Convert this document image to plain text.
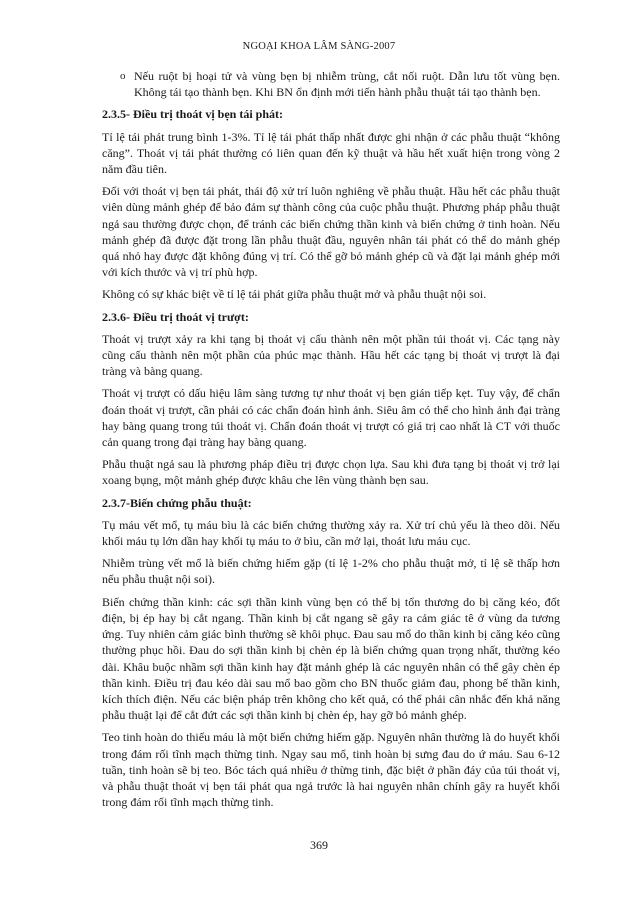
NGOẠI KHOA LÂM SÀNG-2007
o Nếu ruột bị hoại tử và vùng bẹn bị nhiễm trùng, cắt nối ruột. Dẫn lưu tốt vùng bẹn. Không tái tạo thành bẹn. Khi BN ổn định mới tiến hành phẫu thuật tái tạo thành bẹn.
2.3.5- Điều trị thoát vị bẹn tái phát:

Tỉ lệ tái phát trung bình 1-3%. Tỉ lệ tái phát thấp nhất được ghi nhận ở các phẫu thuật “không căng”. Thoát vị tái phát thường có liên quan đến kỹ thuật và hầu hết xuất hiện trong vòng 2 năm đầu tiên.

Đối với thoát vị bẹn tái phát, thái độ xử trí luôn nghiêng về phẫu thuật. Hầu hết các phẫu thuật viên dùng mảnh ghép để bảo đảm sự thành công của cuộc phẫu thuật. Phương pháp phẫu thuật ngả sau thường được chọn, để tránh các biến chứng thần kinh và biến chứng ở tinh hoàn. Nếu mảnh ghép đã được đặt trong lần phẫu thuật đầu, nguyên nhân tái phát có thể do mảnh ghép quá nhỏ hay được đặt không đúng vị trí. Có thể gỡ bỏ mảnh ghép cũ và đặt lại mảnh ghép mới với kích thước và vị trí phù hợp.

Không có sự khác biệt về tỉ lệ tái phát giữa phẫu thuật mở và phẫu thuật nội soi.

2.3.6- Điều trị thoát vị trượt:

Thoát vị trượt xảy ra khi tạng bị thoát vị cấu thành nên một phần túi thoát vị. Các tạng này cũng cấu thành nên một phần của phúc mạc thành. Hầu hết các tạng bị thoát vị trượt là đại tràng và bàng quang.

Thoát vị trượt có dấu hiệu lâm sàng tương tự như thoát vị bẹn gián tiếp kẹt. Tuy vậy, để chẩn đoán thoát vị trượt, cần phải có các chẩn đoán hình ảnh. Siêu âm có thể cho hình ảnh đại tràng hay bàng quang trong túi thoát vị. Chẩn đoán thoát vị trượt có giá trị cao nhất là CT với thuốc cản quang trong đại tràng hay bàng quang.

Phẫu thuật ngả sau là phương pháp điều trị được chọn lựa. Sau khi đưa tạng bị thoát vị trở lại xoang bụng, một mảnh ghép được khâu che lên vùng thành bẹn sau.

2.3.7-Biến chứng phẫu thuật:

Tụ máu vết mổ, tụ máu bìu là các biến chứng thường xảy ra. Xử trí chủ yếu là theo dõi. Nếu khối máu tụ lớn dần hay khối tụ máu to ở bìu, cần mở lại, thoát lưu máu cục.

Nhiễm trùng vết mổ là biến chứng hiếm gặp (tỉ lệ 1-2% cho phẫu thuật mở, tỉ lệ sẽ thấp hơn nếu phẫu thuật nội soi).

Biến chứng thần kinh: các sợi thần kinh vùng bẹn có thể bị tổn thương do bị căng kéo, đốt điện, bị ép hay bị cắt ngang. Thần kinh bị cắt ngang sẽ gây ra cảm giác tê ở vùng da tương ứng. Tuy nhiên cảm giác bình thường sẽ khôi phục. Đau sau mổ do thần kinh bị căng kéo cũng thường phục hồi. Đau do sợi thần kinh bị chèn ép là biến chứng quan trọng nhất, thường kéo dài. Khâu buộc nhầm sợi thần kinh hay đặt mảnh ghép là các nguyên nhân có thể gây chèn ép thần kinh. Điều trị đau kéo dài sau mổ bao gồm cho BN thuốc giảm đau, phong bế thần kinh, kích thích điện. Nếu các biện pháp trên không cho kết quả, có thể phải cân nhắc đến khả năng phẫu thuật lại để cắt đứt các sợi thần kinh bị chèn ép, hay gỡ bỏ mảnh ghép.

Teo tinh hoàn do thiếu máu là một biến chứng hiếm gặp. Nguyên nhân thường là do huyết khối trong đám rối tĩnh mạch thừng tinh. Ngay sau mổ, tinh hoàn bị sưng đau do ứ máu. Sau 6-12 tuần, tinh hoàn sẽ bị teo. Bóc tách quá nhiều ở thừng tinh, đặc biệt ở phần đáy của túi thoát vị, và phẫu thuật thoát vị bẹn tái phát qua ngả trước là hai nguyên nhân chính gây ra huyết khối trong đám rối tĩnh mạch thừng tinh.

369
